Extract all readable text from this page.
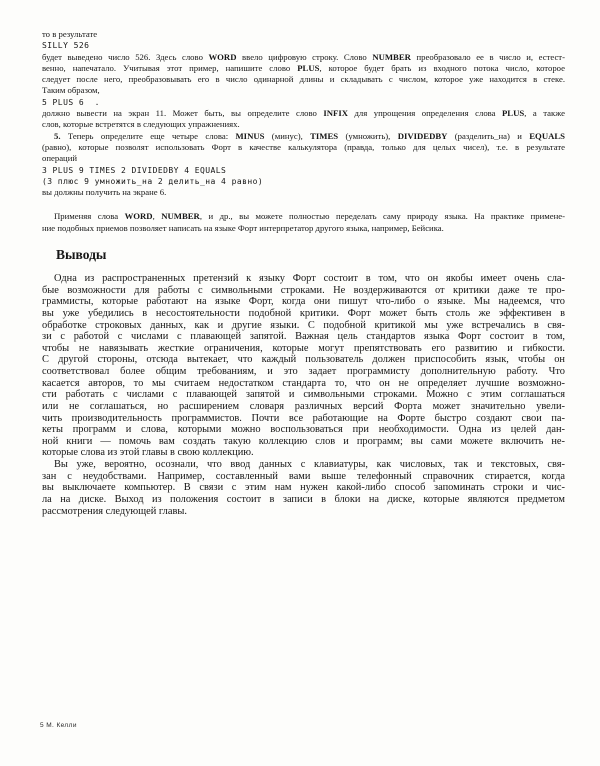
то в результате
SILLY 526
будет выведено число 526. Здесь слово WORD ввело цифровую строку. Слово NUMBER преобразовало ее в число и, естест-
венно, напечатало. Учитывая этот пример, напишите слово PLUS, которое будет брать из входного потока число, которое
следует после него, преобразовывать его в число одинарной длины и складывать с числом, которое уже находится в стеке.
Таким образом,
5 PLUS 6  .
должно вывести на экран 11. Может быть, вы определите слово INFIX для упрощения определения слова PLUS, а также
слов, которые встретятся в следующих упражнениях.
5. Теперь определите еще четыре слова: MINUS (минус), TIMES (умножить), DIVIDEDBY (разделить_на) и EQUALS
(равно), которые позволят использовать Форт в качестве калькулятора (правда, только для целых чисел), т.е. в результате
операций
3 PLUS 9 TIMES 2 DIVIDEDBY 4 EQUALS
(3 плюс 9 умножить_на 2 делить_на 4 равно)
вы должны получить на экране 6.
Применяя слова WORD, NUMBER, и др., вы можете полностью переделать саму природу языка. На практике примене-
ние подобных приемов позволяет написать на языке Форт интерпретатор другого языка, например, Бейсика.
Выводы
Одна из распространенных претензий к языку Форт состоит в том, что он якобы имеет очень сла-
бые возможности для работы с символьными строками. Не воздерживаются от критики даже те про-
граммисты, которые работают на языке Форт, когда они пишут что-либо о языке. Мы надеемся, что
вы уже убедились в несостоятельности подобной критики. Форт может быть столь же эффективен в
обработке строковых данных, как и другие языки. С подобной критикой мы уже встречались в свя-
зи с работой с числами с плавающей запятой. Важная цель стандартов языка Форт состоит в том,
чтобы не навязывать жесткие ограничения, которые могут препятствовать его развитию и гибкости.
С другой стороны, отсюда вытекает, что каждый пользователь должен приспособить язык, чтобы он
соответствовал более общим требованиям, и это задает программисту дополнительную работу. Что
касается авторов, то мы считаем недостатком стандарта то, что он не определяет лучшие возможно-
сти работать с числами с плавающей запятой и символьными строками. Можно с этим соглашаться
или не соглашаться, но расширением словаря различных версий Форта может значительно увели-
чить производительность программистов. Почти все работающие на Форте быстро создают свои па-
кеты программ и слова, которыми можно воспользоваться при необходимости. Одна из целей дан-
ной книги — помочь вам создать такую коллекцию слов и программ; вы сами можете включить не-
которые слова из этой главы в свою коллекцию.
Вы уже, вероятно, осознали, что ввод данных с клавиатуры, как числовых, так и текстовых, свя-
зан с неудобствами. Например, составленный вами выше телефонный справочник стирается, когда
вы выключаете компьютер. В связи с этим нам нужен какой-либо способ запоминать строки и чис-
ла на диске. Выход из положения состоит в записи в блоки на диске, которые являются предметом
рассмотрения следующей главы.
5 М. Келли
